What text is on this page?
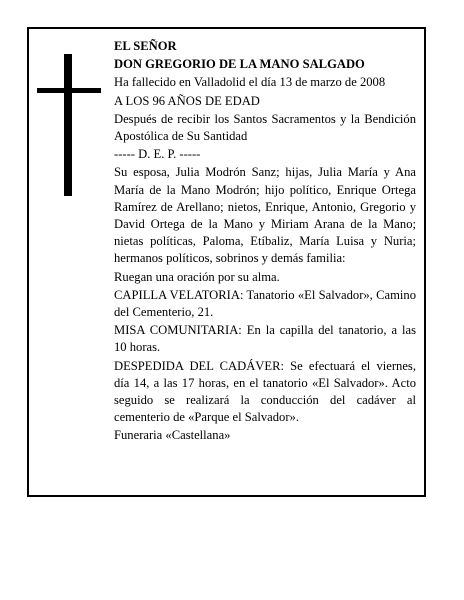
EL SEÑOR

DON GREGORIO DE LA MANO SALGADO

Ha fallecido en Valladolid el día 13 de marzo de 2008

A LOS 96 AÑOS DE EDAD

Después de recibir los Santos Sacramentos y la Bendición Apostólica de Su Santidad

----- D. E. P. -----

Su esposa, Julia Modrón Sanz; hijas, Julia María y Ana María de la Mano Modrón; hijo político, Enrique Ortega Ramírez de Arellano; nietos, Enrique, Antonio, Gregorio y David Ortega de la Mano y Miriam Arana de la Mano; nietas políticas, Paloma, Etíbaliz, María Luisa y Nuria; hermanos políticos, sobrinos y demás familia:

Ruegan una oración por su alma.

CAPILLA VELATORIA: Tanatorio «El Salvador», Camino del Cementerio, 21.

MISA COMUNITARIA: En la capilla del tanatorio, a las 10 horas.

DESPEDIDA DEL CADÁVER: Se efectuará el viernes, día 14, a las 17 horas, en el tanatorio «El Salvador». Acto seguido se realizará la conducción del cadáver al cementerio de «Parque el Salvador».

Funeraria «Castellana»
